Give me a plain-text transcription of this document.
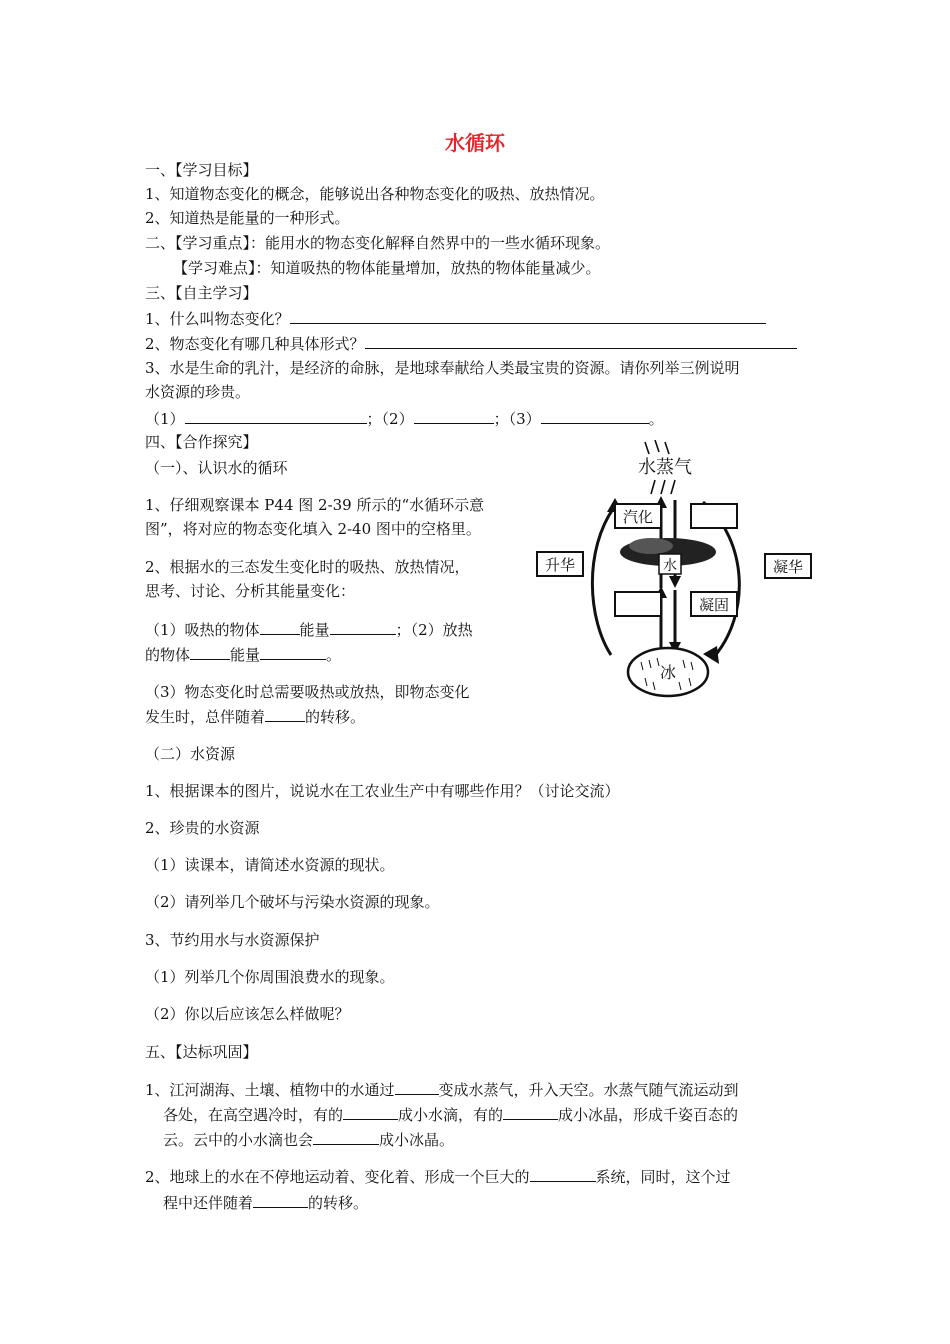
水循环

一、【学习目标】

1、知道物态变化的概念，能够说出各种物态变化的吸热、放热情况。

2、知道热是能量的一种形式。

二、【学习重点】：能用水的物态变化解释自然界中的一些水循环现象。

【学习难点】：知道吸热的物体能量增加，放热的物体能量减少。

三、【自主学习】

1、什么叫物态变化？

2、物态变化有哪几种具体形式？

3、水是生命的乳汁，是经济的命脉，是地球奉献给人类最宝贵的资源。请你列举三例说明

水资源的珍贵。

（1）	；（2）	；（3）	。

四、【合作探究】

（一）、认识水的循环

1、仔细观察课本 P44 图 2-39 所示的“水循环示意

图”，将对应的物态变化填入 2-40 图中的空格里。

2、根据水的三态发生变化时的吸热、放热情况，

思考、讨论、分析其能量变化：

（1）吸热的物体	能量	；（2）放热

的物体	能量	。

（3）物态变化时总需要吸热或放热，即物态变化

发生时，总伴随着	的转移。

（二）水资源

1、根据课本的图片，说说水在工农业生产中有哪些作用？（讨论交流）

2、珍贵的水资源

（1）读课本，请简述水资源的现状。

（2）请列举几个破坏与污染水资源的现象。

3、节约用水与水资源保护

（1）列举几个你周围浪费水的现象。

（2）你以后应该怎么样做呢？

五、【达标巩固】

1、江河湖海、土壤、植物中的水通过	变成水蒸气，升入天空。水蒸气随气流运动到

各处，在高空遇冷时，有的	成小水滴，有的	成小冰晶，形成千姿百态的

云。云中的小水滴也会	成小冰晶。

2、地球上的水在不停地运动着、变化着、形成一个巨大的	系统，同时，这个过

程中还伴随着	的转移。

水蒸气
汽化
水
升华	凝华
凝固
冰
